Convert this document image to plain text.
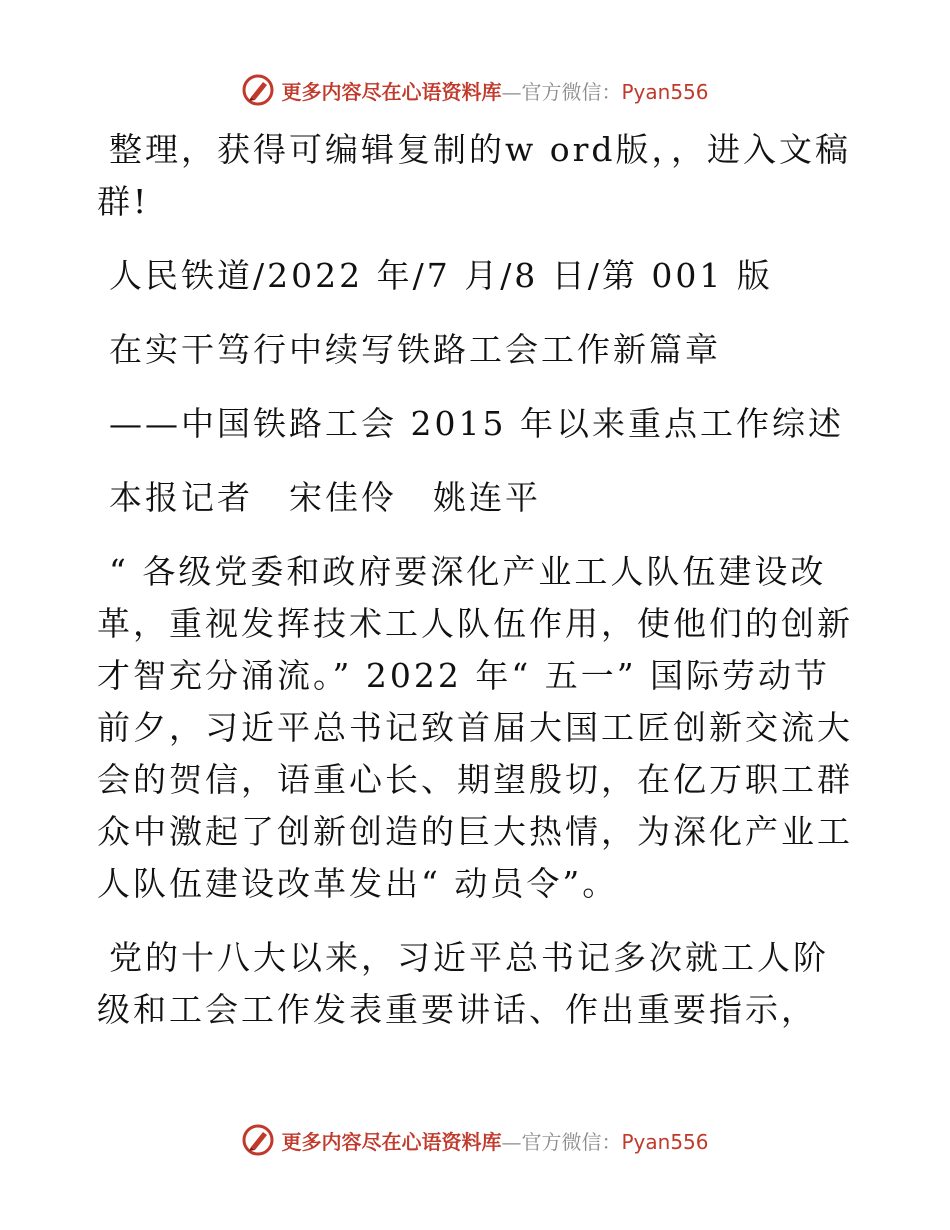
更多内容尽在心语资料库—官方微信：Pyan556

整理，获得可编辑复制的w ord版，，进入文稿群!

人民铁道/2022 年/7 月/8 日/第 001 版

在实干笃行中续写铁路工会工作新篇章

——中国铁路工会 2015 年以来重点工作综述

本报记者　宋佳伶　姚连平

“ 各级党委和政府要深化产业工人队伍建设改革，重视发挥技术工人队伍作用，使他们的创新才智充分涌流。” 2022 年“ 五一” 国际劳动节前夕，习近平总书记致首届大国工匠创新交流大会的贺信，语重心长、期望殷切，在亿万职工群众中激起了创新创造的巨大热情，为深化产业工人队伍建设改革发出“ 动员令”。

党的十八大以来，习近平总书记多次就工人阶级和工会工作发表重要讲话、作出重要指示，

更多内容尽在心语资料库—官方微信：Pyan556
